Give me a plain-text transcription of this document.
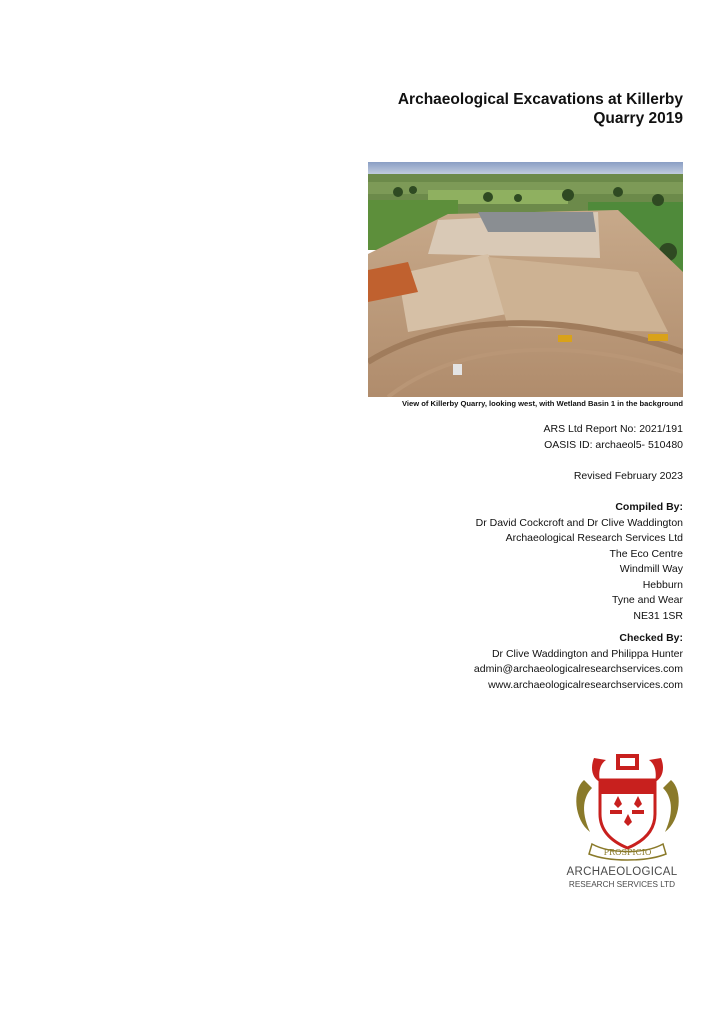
Archaeological Excavations at Killerby
Quarry 2019
View of Killerby Quarry, looking west, with Wetland Basin 1 in the background
ARS Ltd Report No: 2021/191
OASIS ID: archaeol5- 510480
Revised February 2023
Compiled By:
Dr David Cockcroft and Dr Clive Waddington
Archaeological Research Services Ltd
The Eco Centre
Windmill Way
Hebburn
Tyne and Wear
NE31 1SR
Checked By:
Dr Clive Waddington and Philippa Hunter
admin@archaeologicalresearchservices.com
www.archaeologicalresearchservices.com
PROSPICIO
ARCHAEOLOGICAL
RESEARCH SERVICES LTD
